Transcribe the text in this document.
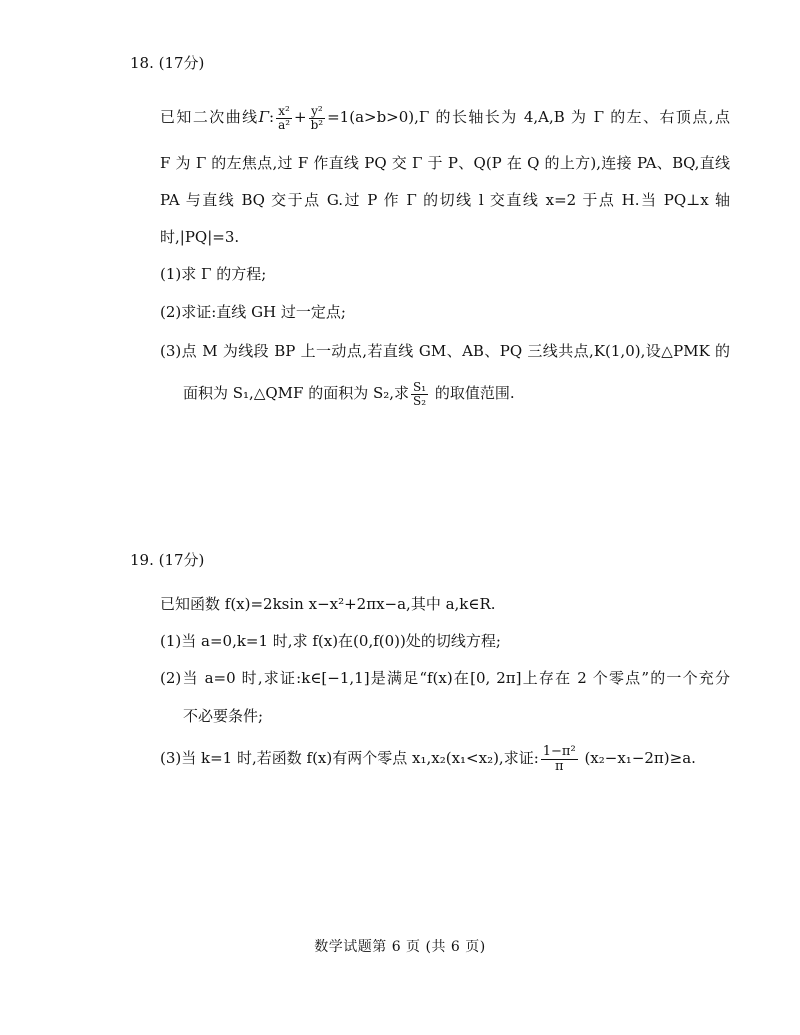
18. (17分)
已知二次曲线Γ: $\frac{\text{x²}}{\text{a²}} + \frac{\text{y²}}{\text{b²}} =1(a>b>0),\Gamma$ 的长轴长为 4,A,B 为 Γ 的左、右顶点,点
F 为 Γ 的左焦点,过 F 作直线 PQ 交 Γ 于 P、Q(P 在 Q 的上方),连接 PA、BQ,直线
PA 与直线 BQ 交于点 G.过 P 作 Γ 的切线 l 交直线 x=2 于点 H.当 PQ⊥x 轴
时,|PQ|=3.
(1)求 Γ 的方程;
(2)求证:直线 GH 过一定点;
(3)点 M 为线段 BP 上一动点,若直线 GM、AB、PQ 三线共点,K(1,0),设△PMK 的
面积为 S₁,△QMF 的面积为 S₂,求 $\frac{\text{S₁}}{\text{S₂}}$ 的取值范围.
19. (17分)
已知函数 f(x)=2ksin x−x²+2πx−a,其中 a,k∈R.
(1)当 a=0,k=1 时,求 f(x)在(0,f(0))处的切线方程;
(2)当 a=0 时,求证:k∈[−1,1]是满足“f(x)在[0, 2π]上存在 2 个零点”的一个充分
不必要条件;
(3)当 k=1 时,若函数 f(x)有两个零点 x₁,x₂(x₁<x₂),求证: $\frac{\text{1−π²}}{\pi} (x_2-x_1-2\pi)\ge a$.
数学试题第 6 页 (共 6 页)
